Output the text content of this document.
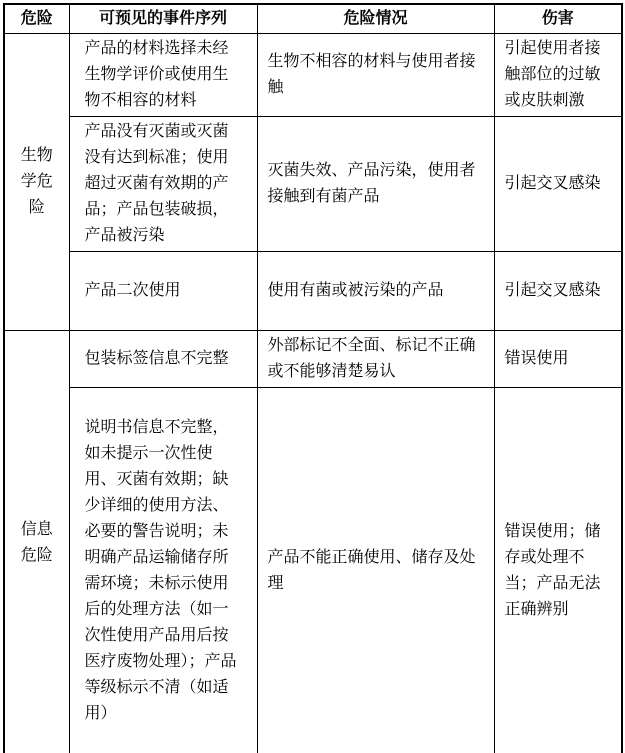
危险	可预见的事件序列	危险情况	伤害
生物学危险	产品的材料选择未经生物学评价或使用生物不相容的材料	生物不相容的材料与使用者接触	引起使用者接触部位的过敏或皮肤刺激
	产品没有灭菌或灭菌没有达到标准；使用超过灭菌有效期的产品；产品包装破损，产品被污染	灭菌失效、产品污染，使用者接触到有菌产品	引起交叉感染
	产品二次使用	使用有菌或被污染的产品	引起交叉感染
信息危险	包装标签信息不完整	外部标记不全面、标记不正确或不能够清楚易认	错误使用
	说明书信息不完整，如未提示一次性使用、灭菌有效期；缺少详细的使用方法、必要的警告说明；未明确产品运输储存所需环境；未标示使用后的处理方法（如一次性使用产品用后按医疗废物处理）；产品等级标示不清（如适用）	产品不能正确使用、储存及处理	错误使用；储存或处理不当；产品无法正确辨别
